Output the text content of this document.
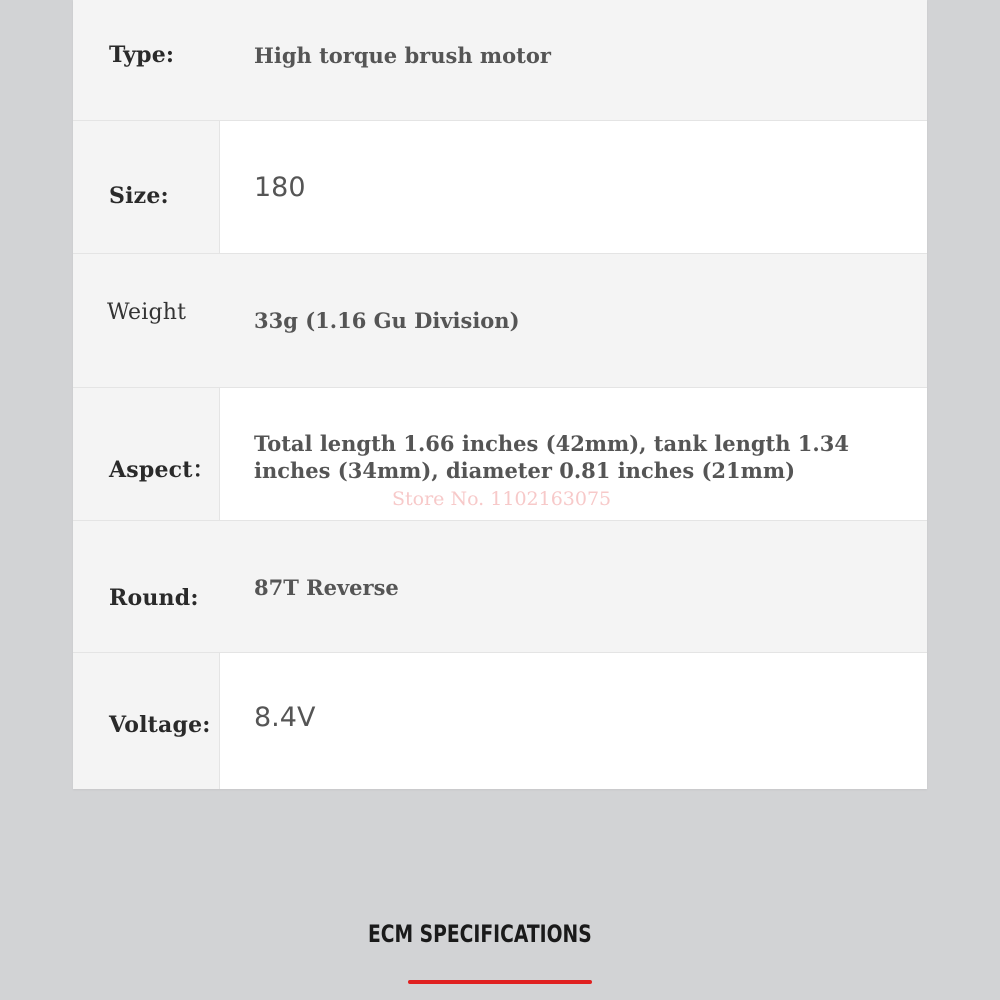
Type:	High torque brush motor
Size:	180
Weight	33g (1.16 Gu Division)
Aspect：
Total length 1.66 inches (42mm), tank length 1.34 inches (34mm), diameter 0.81 inches (21mm)
Round:	87T Reverse
Voltage: 8.4V
Store No. 1102163075
ECM SPECIFICATIONS
